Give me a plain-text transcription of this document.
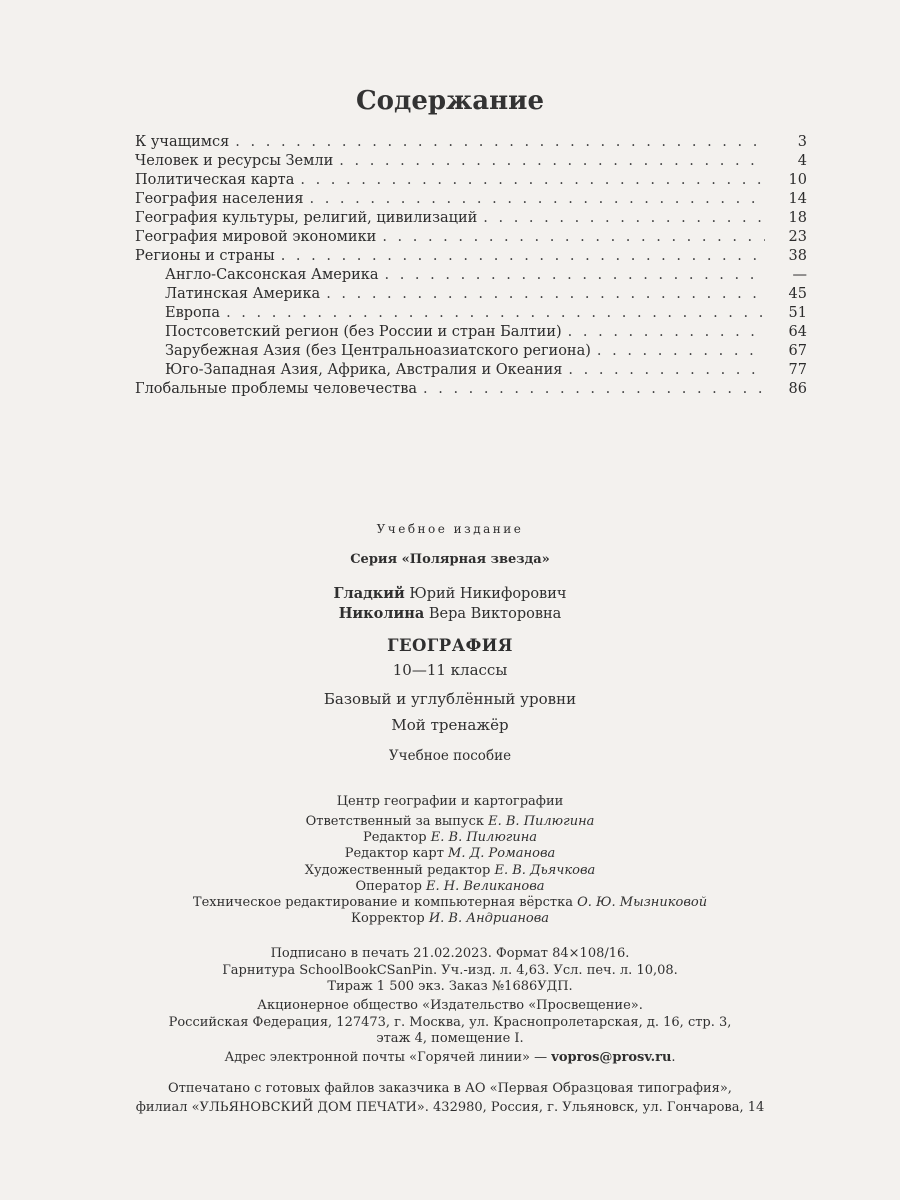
Содержание
К учащимся . . .	3
Человек и ресурсы Земли . . .	4
Политическая карта . . .	10
География населения . . .	14
География культуры, религий, цивилизаций . . .	18
География мировой экономики . . .	23
Регионы и страны . . .	38
Англо-Саксонская Америка . . .	—
Латинская Америка . . .	45
Европа . . .	51
Постсоветский регион (без России и стран Балтии) . . .	64
Зарубежная Азия (без Центральноазиатского региона) . . .	67
Юго-Западная Азия, Африка, Австралия и Океания . . .	77
Глобальные проблемы человечества . . .	86
Учебное издание
Серия «Полярная звезда»
Гладкий Юрий Никифорович
Николина Вера Викторовна
ГЕОГРАФИЯ
10—11 классы
Базовый и углублённый уровни
Мой тренажёр
Учебное пособие
Центр географии и картографии
Ответственный за выпуск Е. В. Пилюгина
Редактор Е. В. Пилюгина
Редактор карт М. Д. Романова
Художественный редактор Е. В. Дьячкова
Оператор Е. Н. Великанова
Техническое редактирование и компьютерная вёрстка О. Ю. Мызниковой
Корректор И. В. Андрианова
Подписано в печать 21.02.2023. Формат 84×108/16.
Гарнитура SchoolBookCSanPin. Уч.-изд. л. 4,63. Усл. печ. л. 10,08.
Тираж 1 500 экз. Заказ №1686УДП.
Акционерное общество «Издательство «Просвещение».
Российская Федерация, 127473, г. Москва, ул. Краснопролетарская, д. 16, стр. 3,
этаж 4, помещение I.
Адрес электронной почты «Горячей линии» — vopros@prosv.ru.
Отпечатано с готовых файлов заказчика в АО «Первая Образцовая типография»,
филиал «УЛЬЯНОВСКИЙ ДОМ ПЕЧАТИ». 432980, Россия, г. Ульяновск, ул. Гончарова, 14
